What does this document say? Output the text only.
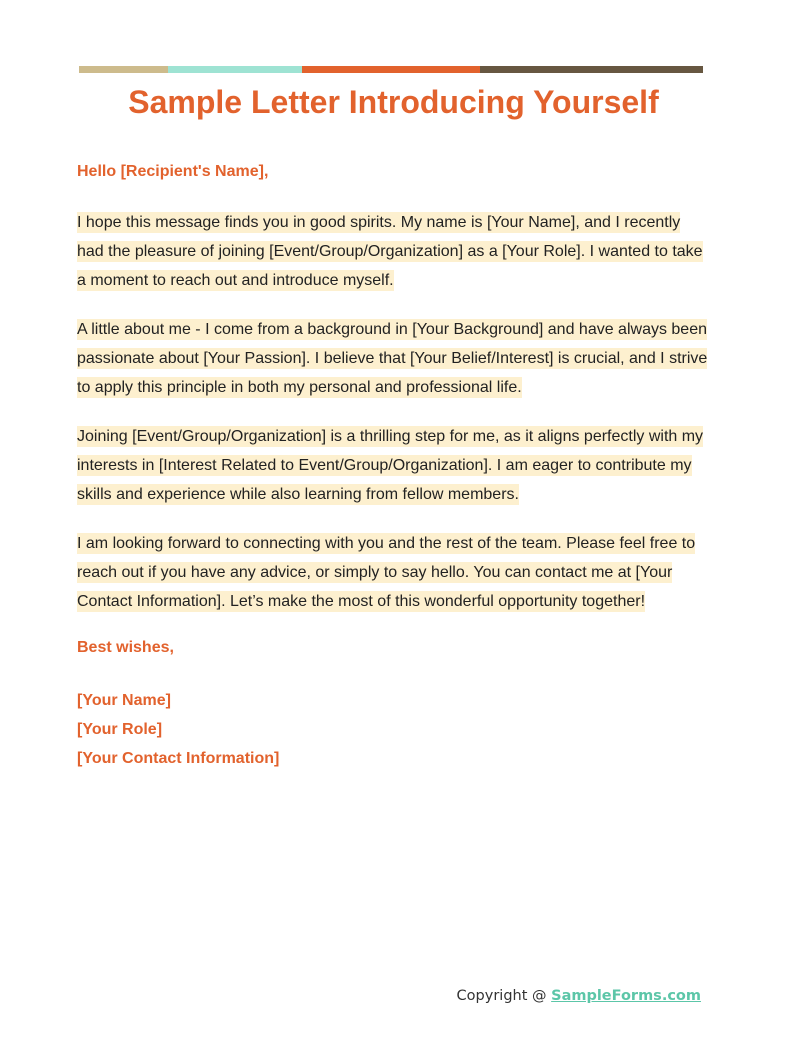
Sample Letter Introducing Yourself

Hello [Recipient's Name],

I hope this message finds you in good spirits. My name is [Your Name], and I recently had the pleasure of joining [Event/Group/Organization] as a [Your Role]. I wanted to take a moment to reach out and introduce myself.

A little about me - I come from a background in [Your Background] and have always been passionate about [Your Passion]. I believe that [Your Belief/Interest] is crucial, and I strive to apply this principle in both my personal and professional life.

Joining [Event/Group/Organization] is a thrilling step for me, as it aligns perfectly with my interests in [Interest Related to Event/Group/Organization]. I am eager to contribute my skills and experience while also learning from fellow members.

I am looking forward to connecting with you and the rest of the team. Please feel free to reach out if you have any advice, or simply to say hello. You can contact me at [Your Contact Information]. Let’s make the most of this wonderful opportunity together!

Best wishes,

[Your Name]

[Your Role]

[Your Contact Information]

Copyright @ SampleForms.com
